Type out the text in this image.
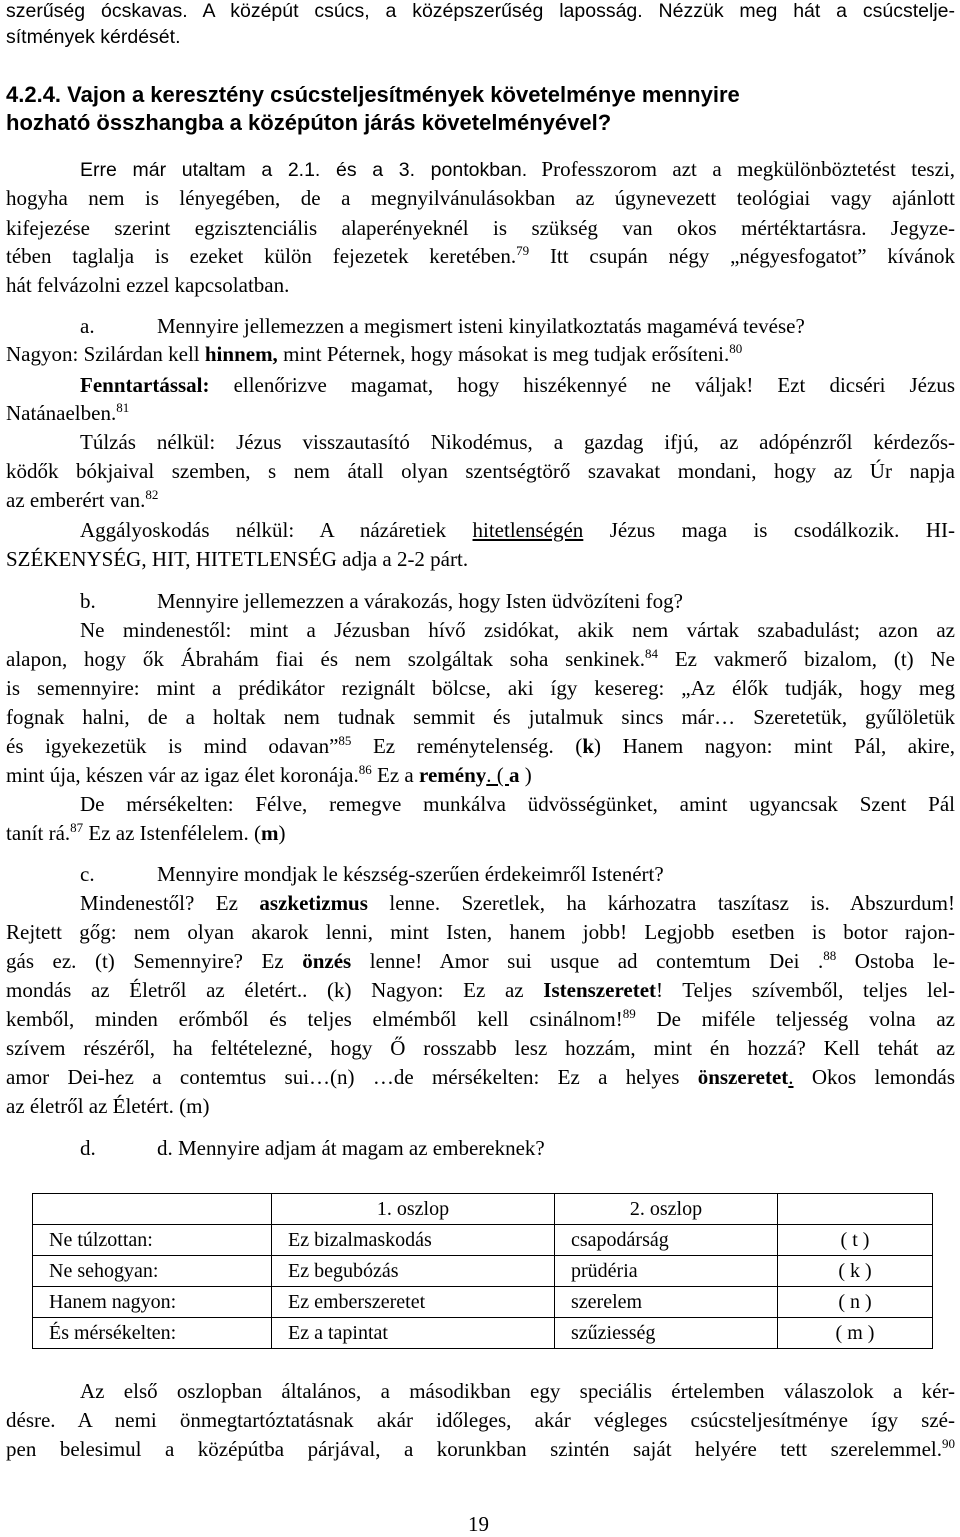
szerűség ócskavas. A középút csúcs, a középszerűség laposság. Nézzük meg hát a csúcstelje-
sítmények kérdését.
4.2.4. Vajon a keresztény csúcsteljesítmények követelménye mennyire
hozható összhangba a középúton járás követelményével?
Erre már utaltam a 2.1. és a 3. pontokban. Professzorom azt a megkülönböztetést teszi,
hogyha nem is lényegében, de a megnyilvánulásokban az úgynevezett teológiai vagy ajánlott
kifejezése szerint egzisztenciális alaperényeknél is szükség van okos mértéktartásra. Jegyze-
tében taglalja is ezeket külön fejezetek keretében.$^{79}$ Itt csupán négy „négyesfogatot” kívánok
hát felvázolni ezzel kapcsolatban.
a.	Mennyire jellemezzen a megismert isteni kinyilatkoztatás magamévá tevése?
Nagyon: Szilárdan kell hinnem, mint Péternek, hogy másokat is meg tudjak erősíteni.$^{80}$
Fenntartással: ellenőrizve magamat, hogy hiszékennyé ne váljak! Ezt dicséri Jézus
Natánaelben.$^{81}$
Túlzás nélkül: Jézus visszautasító Nikodémus, a gazdag ifjú, az adópénzről kérdezős-
ködők bókjaival szemben, s nem átall olyan szentségtörő szavakat mondani, hogy az Úr napja
az emberért van.$^{82}$
Aggályoskodás nélkül: A názáretiek hitetlenségén Jézus maga is csodálkozik. HI-
SZÉKENYSÉG, HIT, HITETLENSÉG adja a 2-2 párt.
b.	Mennyire jellemezzen a várakozás, hogy Isten üdvözíteni fog?
Ne mindenestől: mint a Jézusban hívő zsidókat, akik nem vártak szabadulást; azon az
alapon, hogy ők Ábrahám fiai és nem szolgáltak soha senkinek.$^{84}$ Ez vakmerő bizalom, (t) Ne
is semennyire: mint a prédikátor rezignált bölcse, aki így kesereg: „Az élők tudják, hogy meg
fognak halni, de a holtak nem tudnak semmit és jutalmuk sincs már… Szeretetük, gyűlöletük
és igyekezetük is mind odavan”$^{85}$ Ez reménytelenség. (k) Hanem nagyon: mint Pál, akire,
mint úja, készen vár az igaz élet koronája.$^{86}$ Ez a remény. ( a )
De mérsékelten: Félve, remegve munkálva üdvösségünket, amint ugyancsak Szent Pál
tanít rá.$^{87}$ Ez az Istenfélelem. (m)
c.	Mennyire mondjak le készség-szerűen érdekeimről Istenért?
Mindenestől? Ez aszketizmus lenne. Szeretlek, ha kárhozatra taszítasz is. Abszurdum!
Rejtett gőg: nem olyan akarok lenni, mint Isten, hanem jobb! Legjobb esetben is botor rajon-
gás ez. (t) Semennyire? Ez önzés lenne! Amor sui usque ad contemtum Dei .$^{88}$ Ostoba le-
mondás az Életről az életért.. (k) Nagyon: Ez az Istenszeretet! Teljes szívemből, teljes lel-
kemből, minden erőmből és teljes elmémből kell csinálnom!$^{89}$ De miféle teljesség volna az
szívem részéről, ha feltételezné, hogy Ő rosszabb lesz hozzám, mint én hozzá? Kell tehát az
amor Dei-hez a contemtus sui…(n) …de mérsékelten: Ez a helyes önszeretet. Okos lemondás
az életről az Életért. (m)
d.	d. Mennyire adjam át magam az embereknek?
	1. oszlop	2. oszlop	
Ne túlzottan:	Ez bizalmaskodás	csapodárság	( t )
Ne sehogyan:	Ez begubózás	prüdéria	( k )
Hanem nagyon:	Ez emberszeretet	szerelem	( n )
És mérsékelten:	Ez a tapintat	szűziesség	( m )
Az első oszlopban általános, a másodikban egy speciális értelemben válaszolok a kér-
désre. A nemi önmegtartóztatásnak akár időleges, akár végleges csúcsteljesítménye így szé-
pen belesimul a középútba párjával, a korunkban szintén saját helyére tett szerelemmel.$^{90}$
19
